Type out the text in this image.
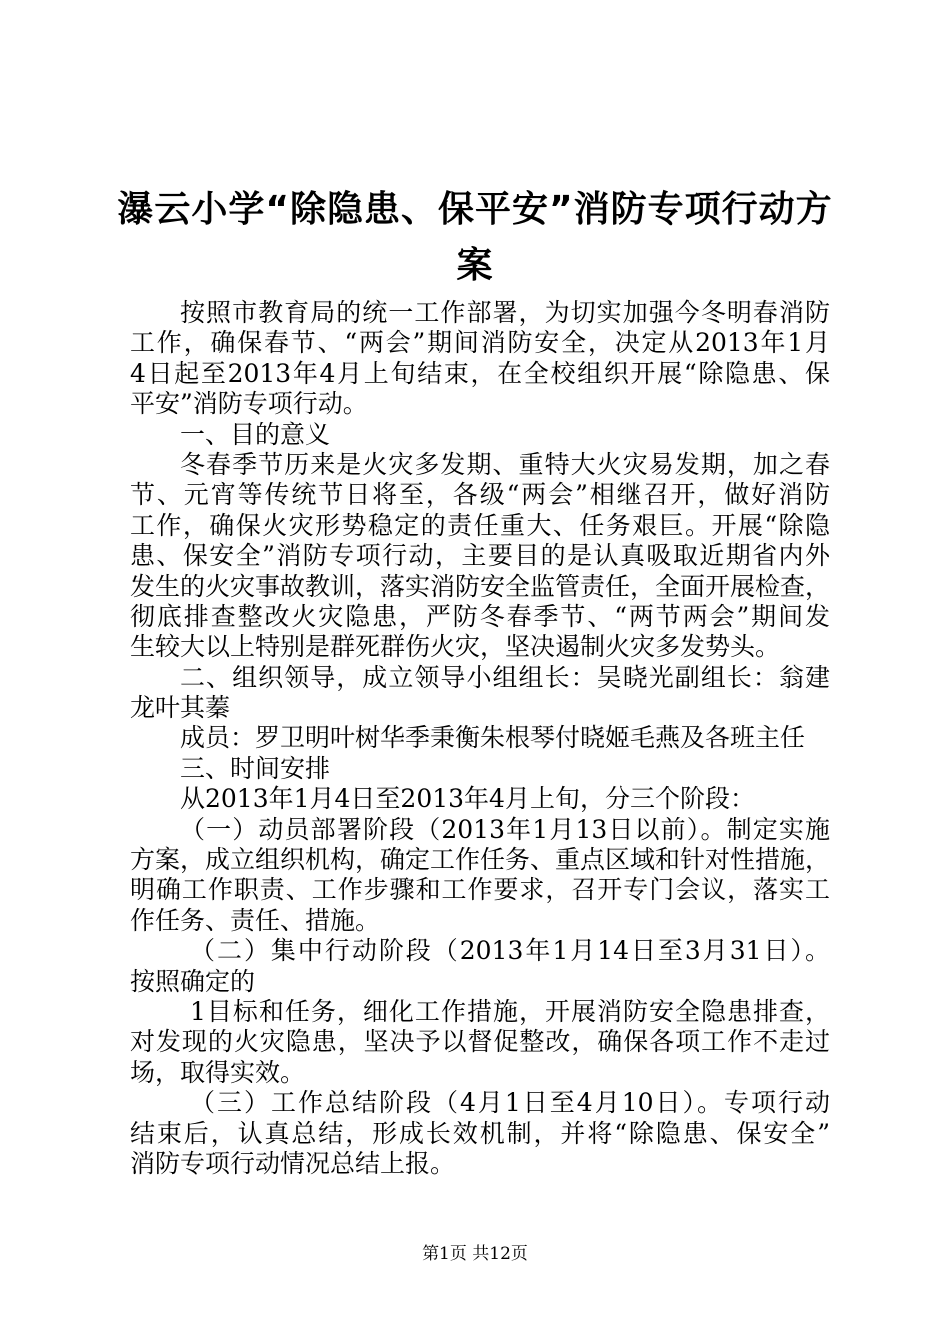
瀑云小学“除隐患、保平安”消防专项行动方
案
按照市教育局的统一工作部署，为切实加强今冬明春消防
工作，确保春节、“两会”期间消防安全，决定从2013年1月
4日起至2013年4月上旬结束，在全校组织开展“除隐患、保
平安”消防专项行动。
一、目的意义
冬春季节历来是火灾多发期、重特大火灾易发期，加之春
节、元宵等传统节日将至，各级“两会”相继召开，做好消防
工作，确保火灾形势稳定的责任重大、任务艰巨。开展“除隐
患、保安全”消防专项行动，主要目的是认真吸取近期省内外
发生的火灾事故教训，落实消防安全监管责任，全面开展检查，
彻底排查整改火灾隐患，严防冬春季节、“两节两会”期间发
生较大以上特别是群死群伤火灾，坚决遏制火灾多发势头。
二、组织领导，成立领导小组组长：吴晓光副组长：翁建
龙叶其蓁
成员：罗卫明叶树华季秉衡朱根琴付晓姬毛燕及各班主任
三、时间安排
从2013年1月4日至2013年4月上旬，分三个阶段：
（一）动员部署阶段（2013年1月13日以前）。制定实施
方案，成立组织机构，确定工作任务、重点区域和针对性措施，
明确工作职责、工作步骤和工作要求，召开专门会议，落实工
作任务、责任、措施。
（二）集中行动阶段（2013年1月14日至3月31日）。
按照确定的
1目标和任务，细化工作措施，开展消防安全隐患排查，
对发现的火灾隐患，坚决予以督促整改，确保各项工作不走过
场，取得实效。
（三）工作总结阶段（4月1日至4月10日）。专项行动
结束后，认真总结，形成长效机制，并将“除隐患、保安全”
消防专项行动情况总结上报。
第1页 共12页
